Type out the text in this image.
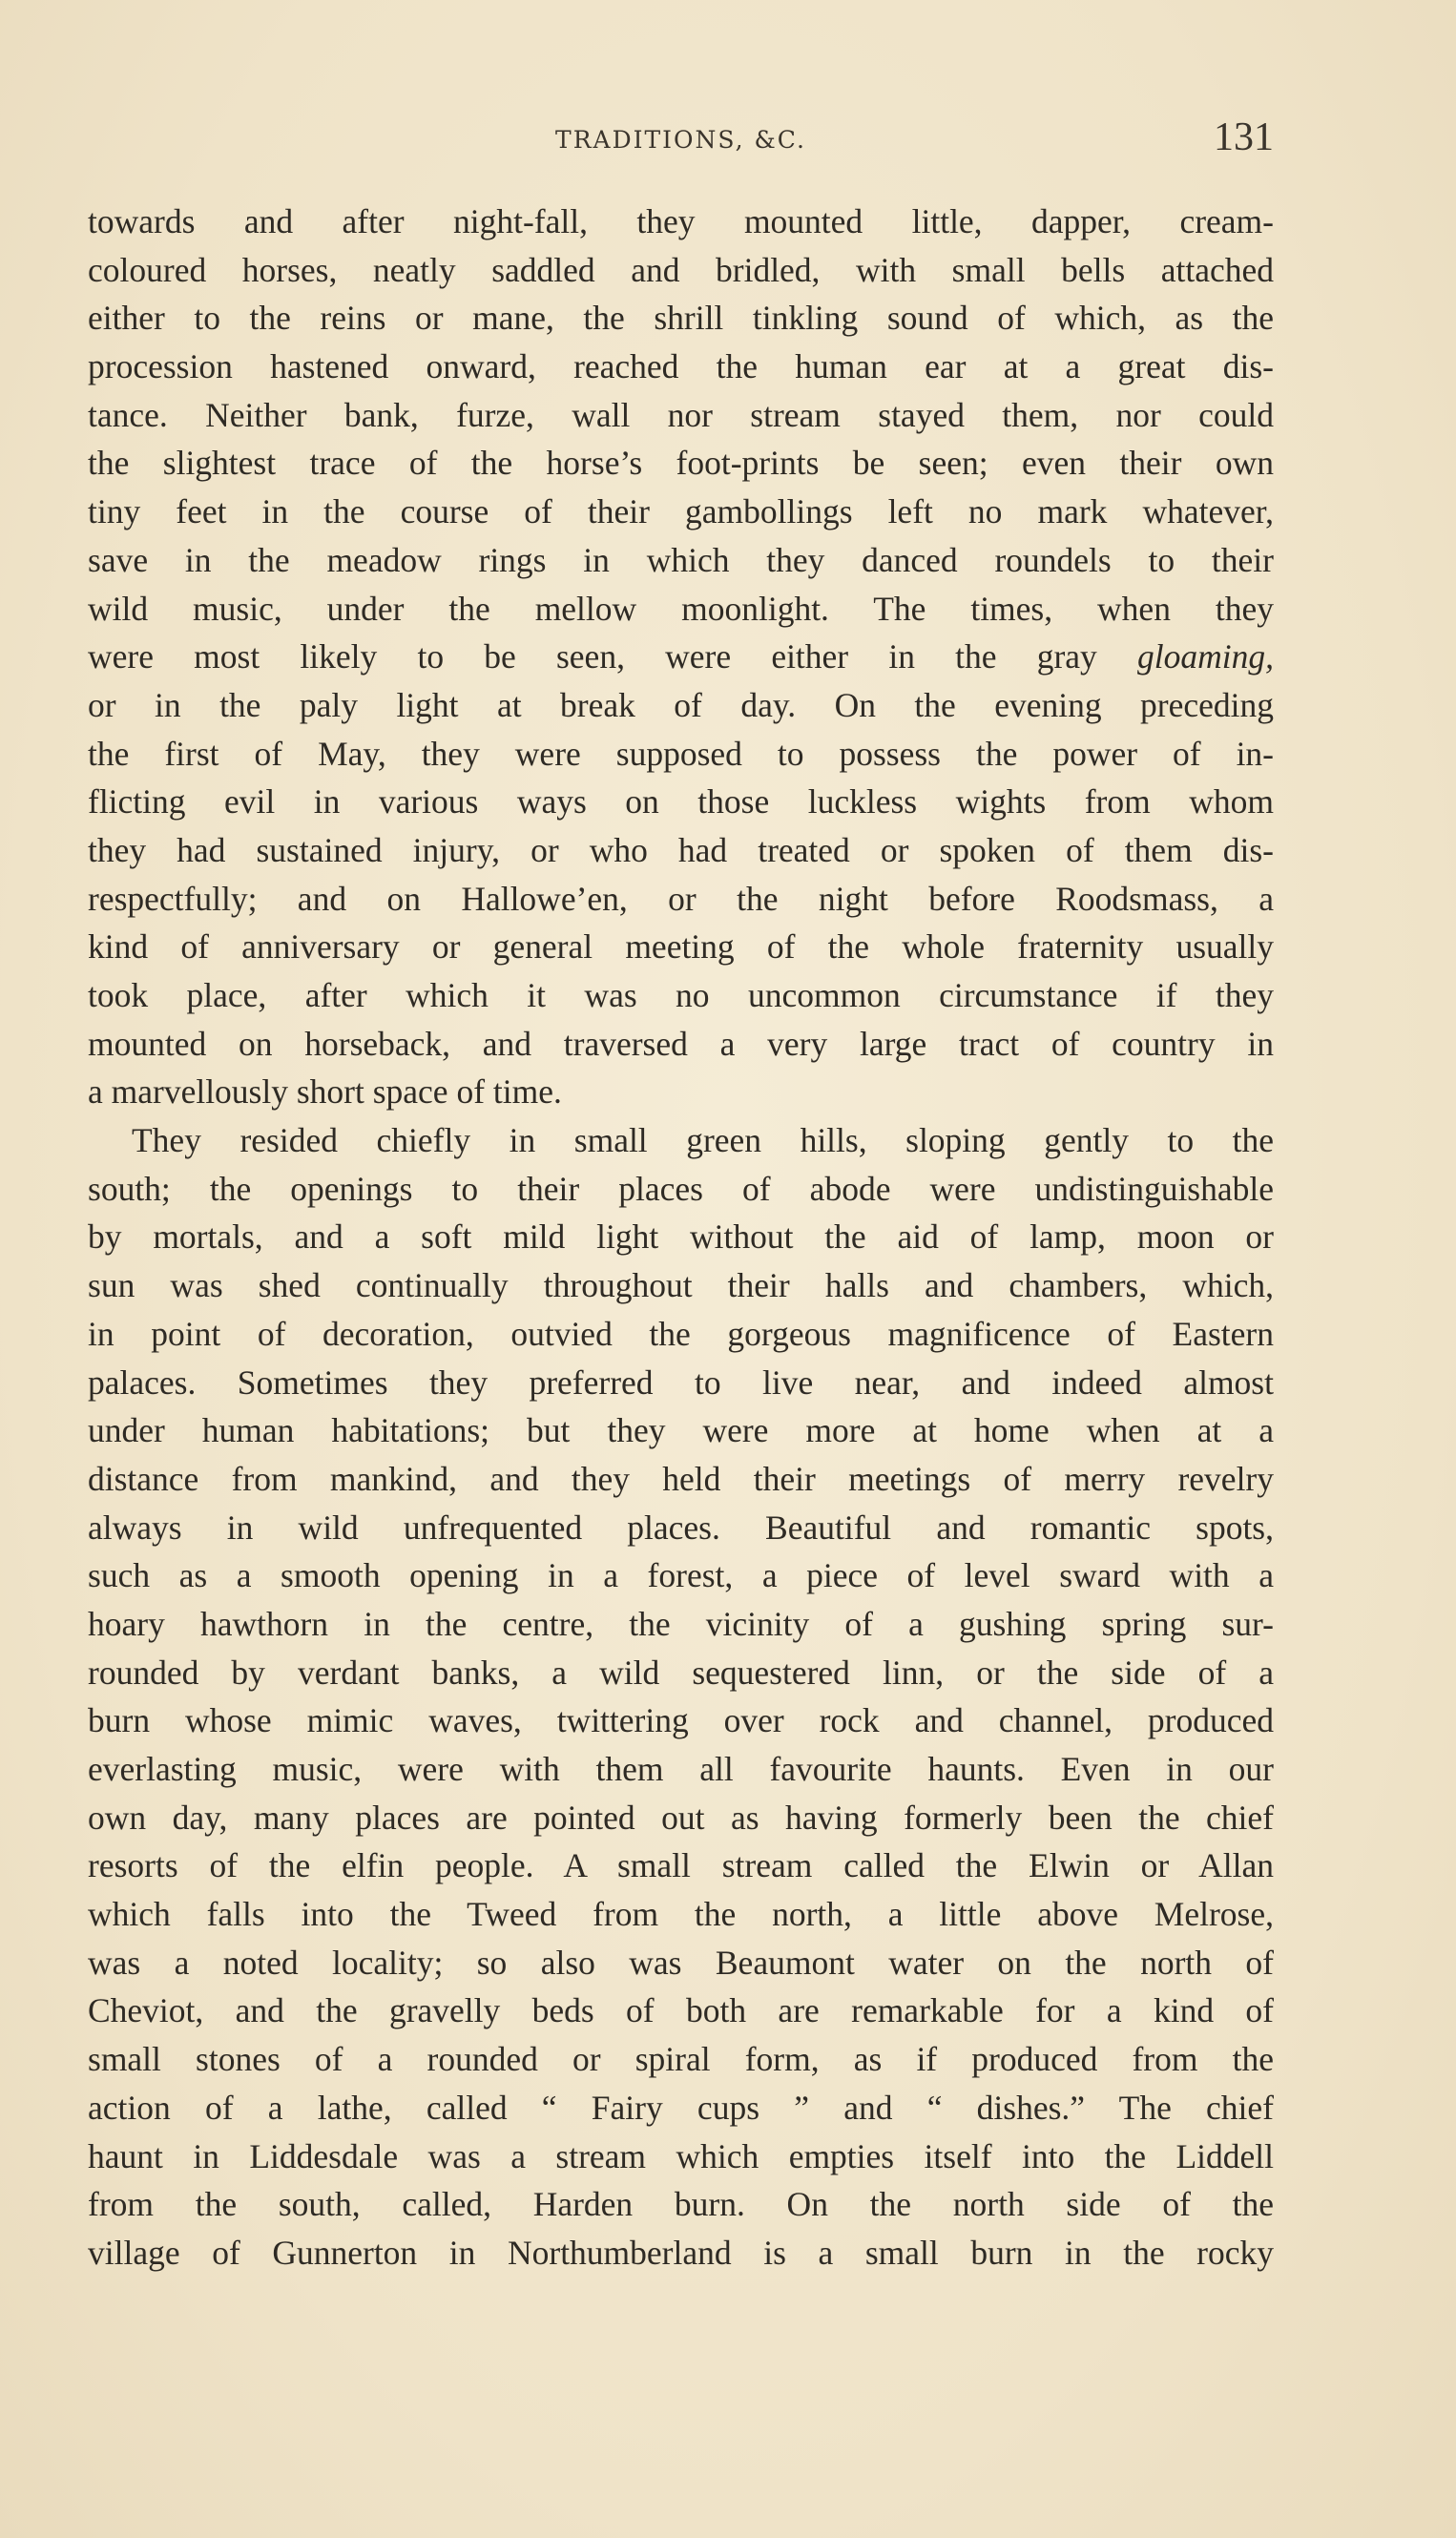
TRADITIONS, &C.	131
towards and after night-fall, they mounted little, dapper, cream-
coloured horses, neatly saddled and bridled, with small bells attached
either to the reins or mane, the shrill tinkling sound of which, as the
procession hastened onward, reached the human ear at a great dis-
tance. Neither bank, furze, wall nor stream stayed them, nor could
the slightest trace of the horse’s foot-prints be seen; even their own
tiny feet in the course of their gambollings left no mark whatever,
save in the meadow rings in which they danced roundels to their
wild music, under the mellow moonlight. The times, when they
were most likely to be seen, were either in the gray gloaming,
or in the paly light at break of day. On the evening preceding
the first of May, they were supposed to possess the power of in-
flicting evil in various ways on those luckless wights from whom
they had sustained injury, or who had treated or spoken of them dis-
respectfully; and on Hallowe’en, or the night before Roodsmass, a
kind of anniversary or general meeting of the whole fraternity usually
took place, after which it was no uncommon circumstance if they
mounted on horseback, and traversed a very large tract of country in
a marvellously short space of time.
They resided chiefly in small green hills, sloping gently to the
south; the openings to their places of abode were undistinguishable
by mortals, and a soft mild light without the aid of lamp, moon or
sun was shed continually throughout their halls and chambers, which,
in point of decoration, outvied the gorgeous magnificence of Eastern
palaces. Sometimes they preferred to live near, and indeed almost
under human habitations; but they were more at home when at a
distance from mankind, and they held their meetings of merry revelry
always in wild unfrequented places. Beautiful and romantic spots,
such as a smooth opening in a forest, a piece of level sward with a
hoary hawthorn in the centre, the vicinity of a gushing spring sur-
rounded by verdant banks, a wild sequestered linn, or the side of a
burn whose mimic waves, twittering over rock and channel, produced
everlasting music, were with them all favourite haunts. Even in our
own day, many places are pointed out as having formerly been the chief
resorts of the elfin people. A small stream called the Elwin or Allan
which falls into the Tweed from the north, a little above Melrose,
was a noted locality; so also was Beaumont water on the north of
Cheviot, and the gravelly beds of both are remarkable for a kind of
small stones of a rounded or spiral form, as if produced from the
action of a lathe, called “ Fairy cups ” and “ dishes.” The chief
haunt in Liddesdale was a stream which empties itself into the Liddell
from the south, called, Harden burn. On the north side of the
village of Gunnerton in Northumberland is a small burn in the rocky
